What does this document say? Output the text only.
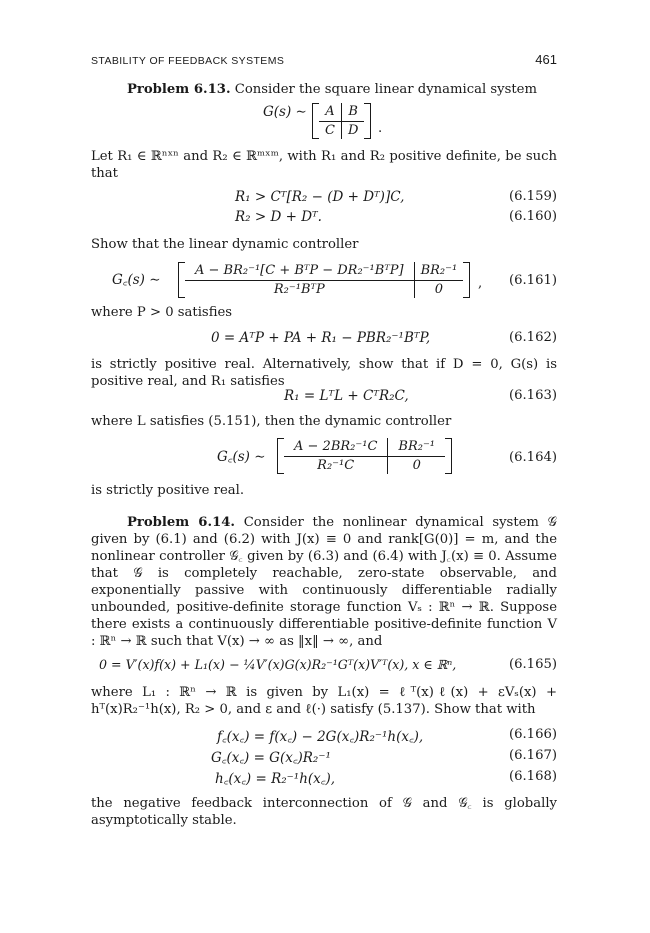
STABILITY OF FEEDBACK SYSTEMS	461
Problem 6.13. Consider the square linear dynamical system
G(s) ∼	A	B
C	D	.
Let R₁ ∈ ℝⁿˣⁿ and R₂ ∈ ℝᵐˣᵐ, with R₁ and R₂ positive definite, be such that
R₁ > Cᵀ[R₂ − (D + Dᵀ)]C,	(6.159)
R₂ > D + Dᵀ.	(6.160)
Show that the linear dynamic controller
G꜀(s) ∼
A − BR₂⁻¹[C + BᵀP − DR₂⁻¹BᵀP]	BR₂⁻¹
R₂⁻¹BᵀP	0	, (6.161)
where P > 0 satisfies
0 = AᵀP + PA + R₁ − PBR₂⁻¹BᵀP,	(6.162)
is strictly positive real. Alternatively, show that if D = 0, G(s) is positive real, and R₁ satisfies
R₁ = LᵀL + CᵀR₂C,	(6.163)
where L satisfies (5.151), then the dynamic controller
G꜀(s) ∼
A − 2BR₂⁻¹C	BR₂⁻¹
R₂⁻¹C	0	(6.164)
is strictly positive real.
Problem 6.14. Consider the nonlinear dynamical system 𝒢 given by (6.1) and (6.2) with J(x) ≡ 0 and rank[G(0)] = m, and the nonlinear controller 𝒢꜀ given by (6.3) and (6.4) with J꜀(x) ≡ 0. Assume that 𝒢 is completely reachable, zero-state observable, and exponentially passive with continuously differentiable radially unbounded, positive-definite storage function Vₛ : ℝⁿ → ℝ. Suppose there exists a continuously differentiable positive-definite function V : ℝⁿ → ℝ such that V(x) → ∞ as ‖x‖ → ∞, and
0 = V′(x)f(x) + L₁(x) − ¼V′(x)G(x)R₂⁻¹Gᵀ(x)V′ᵀ(x), x ∈ ℝⁿ,	(6.165)
where L₁ : ℝⁿ → ℝ is given by L₁(x) = ℓᵀ(x)ℓ(x) + εVₛ(x) + hᵀ(x)R₂⁻¹h(x), R₂ > 0, and ε and ℓ(·) satisfy (5.137). Show that with
f꜀(x꜀) = f(x꜀) − 2G(x꜀)R₂⁻¹h(x꜀),	(6.166)
G꜀(x꜀) = G(x꜀)R₂⁻¹	(6.167)
h꜀(x꜀) = R₂⁻¹h(x꜀),	(6.168)
the negative feedback interconnection of 𝒢 and 𝒢꜀ is globally asymptotically stable.
